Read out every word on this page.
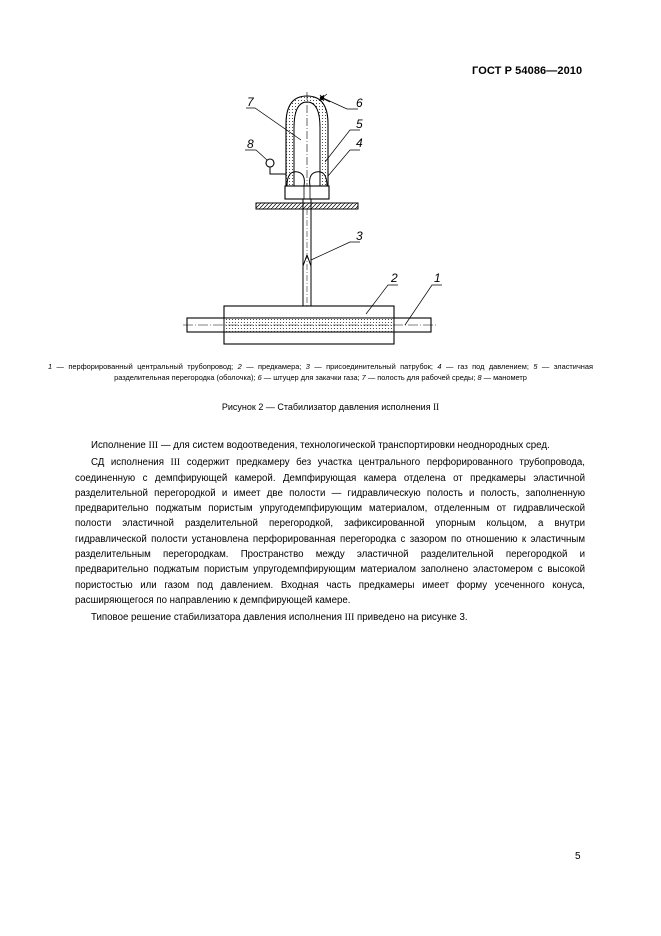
ГОСТ Р 54086—2010
7	6
5
4
8
3
2	1
1 — перфорированный центральный трубопровод; 2 — предкамера; 3 — присоединительный патрубок; 4 — газ под давлением; 5 — эластичная разделительная перегородка (оболочка); 6 — штуцер для закачки газа; 7 — полость для рабочей среды; 8 — манометр
Рисунок 2 — Стабилизатор давления исполнения II

Исполнение III — для систем водоотведения, технологической транспортировки неоднородных сред.

СД исполнения III содержит предкамеру без участка центрального перфорированного трубопровода, соединенную с демпфирующей камерой. Демпфирующая камера отделена от предкамеры эластичной разделительной перегородкой и имеет две полости — гидравлическую полость и полость, заполненную предварительно поджатым пористым упругодемпфирующим материалом, отделенным от гидравлической полости эластичной разделительной перегородкой, зафиксированной упорным кольцом, а внутри гидравлической полости установлена перфорированная перегородка с зазором по отношению к эластичным разделительным перегородкам. Пространство между эластичной разделительной перегородкой и предварительно поджатым пористым упругодемпфирующим материалом заполнено эластомером с высокой пористостью или газом под давлением. Входная часть предкамеры имеет форму усеченного конуса, расширяющегося по направлению к демпфирующей камере.

Типовое решение стабилизатора давления исполнения III приведено на рисунке 3.

5
